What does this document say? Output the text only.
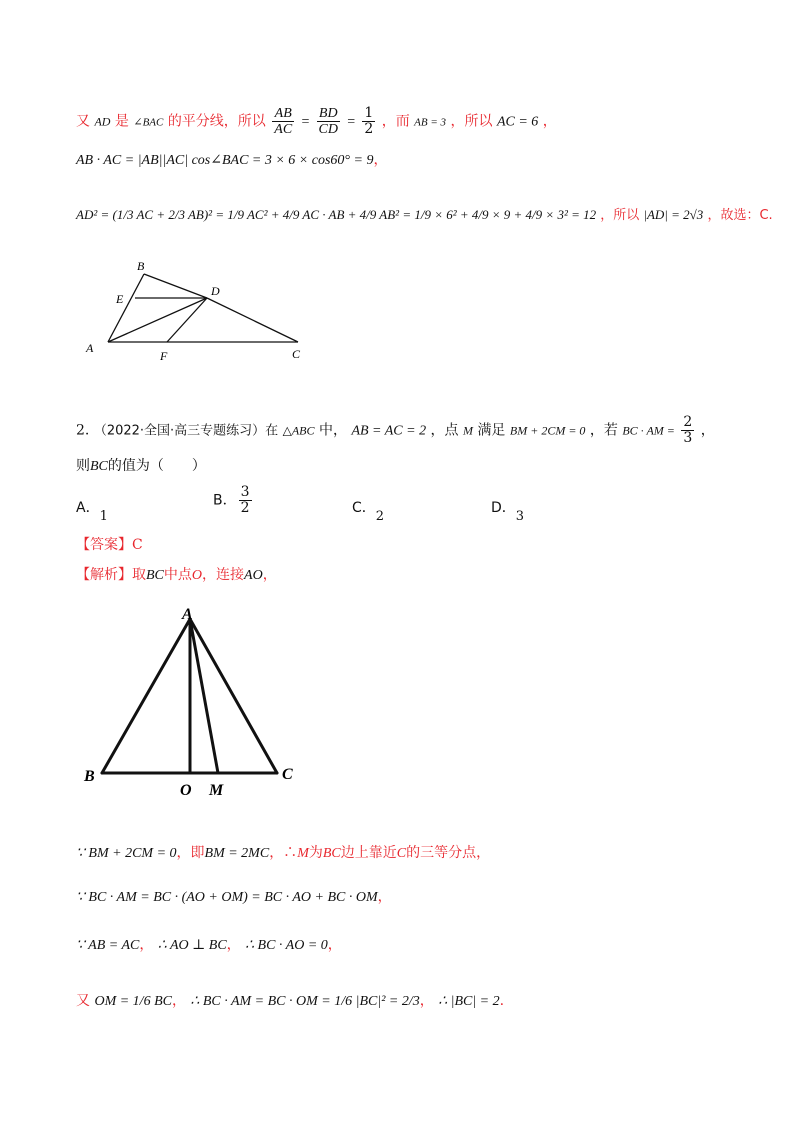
又 AD 是 ∠BAC 的平分线，所以 $\frac{AB}{AC} = \frac{BD}{CD} = \frac{1}{2}$ ，而 AB = 3 ，所以 AC = 6 ，
AB · AC = |AB||AC| cos∠BAC = 3 × 6 × cos60° = 9，
AD² = (1/3 AC + 2/3 AB)² = 1/9 AC² + 4/9 AC · AB + 4/9 AB² = 1/9 × 6² + 4/9 × 9 + 4/9 × 3² = 12 ，所以 |AD| = 2√3 ，故选：C.
B
E
D
A
F	C
2. （2022·全国·高三专题练习）在 △ABC 中， AB = AC = 2 ，点 M 满足 BM + 2CM = 0 ，若 BC · AM = $\frac{2}{3}$ ，
则BC的值为（　　）
A．1
B． $\frac{3}{2}$	C．2
D．3
【答案】C
【解析】取BC中点O，连接AO，
A
B
O M
C
∵ BM + 2CM = 0，即BM = 2MC，∴M为BC边上靠近C的三等分点，
∵ BC · AM = BC · (AO + OM) = BC · AO + BC · OM，
∵ AB = AC， ∴ AO ⊥ BC， ∴ BC · AO = 0，
又 OM = 1/6 BC， ∴ BC · AM = BC · OM = 1/6 |BC|² = 2/3， ∴ |BC| = 2.
